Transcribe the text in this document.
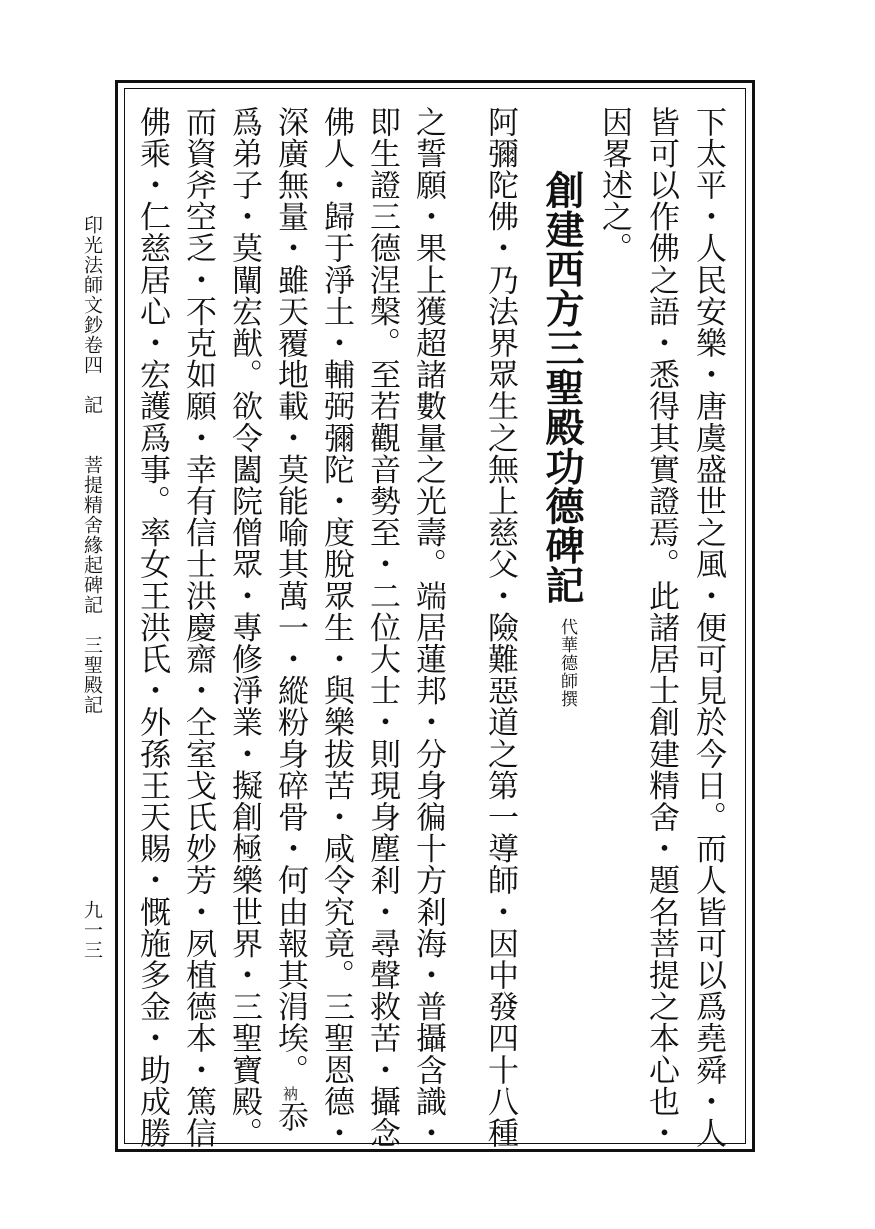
下太平・人民安樂・唐虞盛世之風・便可見於今日。而人皆可以爲堯舜・人
皆可以作佛之語・悉得其實證焉。此諸居士創建精舍・題名菩提之本心也・
因畧述之。
創建西方三聖殿功德碑記
代華德師撰
阿彌陀佛・乃法界眾生之無上慈父・險難惡道之第一導師・因中發四十八種
之誓願・果上獲超諸數量之光壽。端居蓮邦・分身徧十方剎海・普攝含識・
即生證三德涅槃。至若觀音勢至・二位大士・則現身塵剎・尋聲救苦・攝念
佛人・歸于淨土・輔弼彌陀・度脫眾生・與樂拔苦・咸令究竟。三聖恩德・
深廣無量・雖天覆地載・莫能喻其萬一・縱粉身碎骨・何由報其涓埃。衲忝
爲弟子・莫闡宏猷。欲令闔院僧眾・專修淨業・擬創極樂世界・三聖寶殿。
而資斧空乏・不克如願・幸有信士洪慶齋・仝室戈氏妙芳・夙植德本・篤信
印光法師文鈔卷四　記　　菩提精舍緣起碑記　三聖殿記
九一三 佛乘・仁慈居心・宏護爲事。率女王洪氏・外孫王天賜・慨施多金・助成勝
